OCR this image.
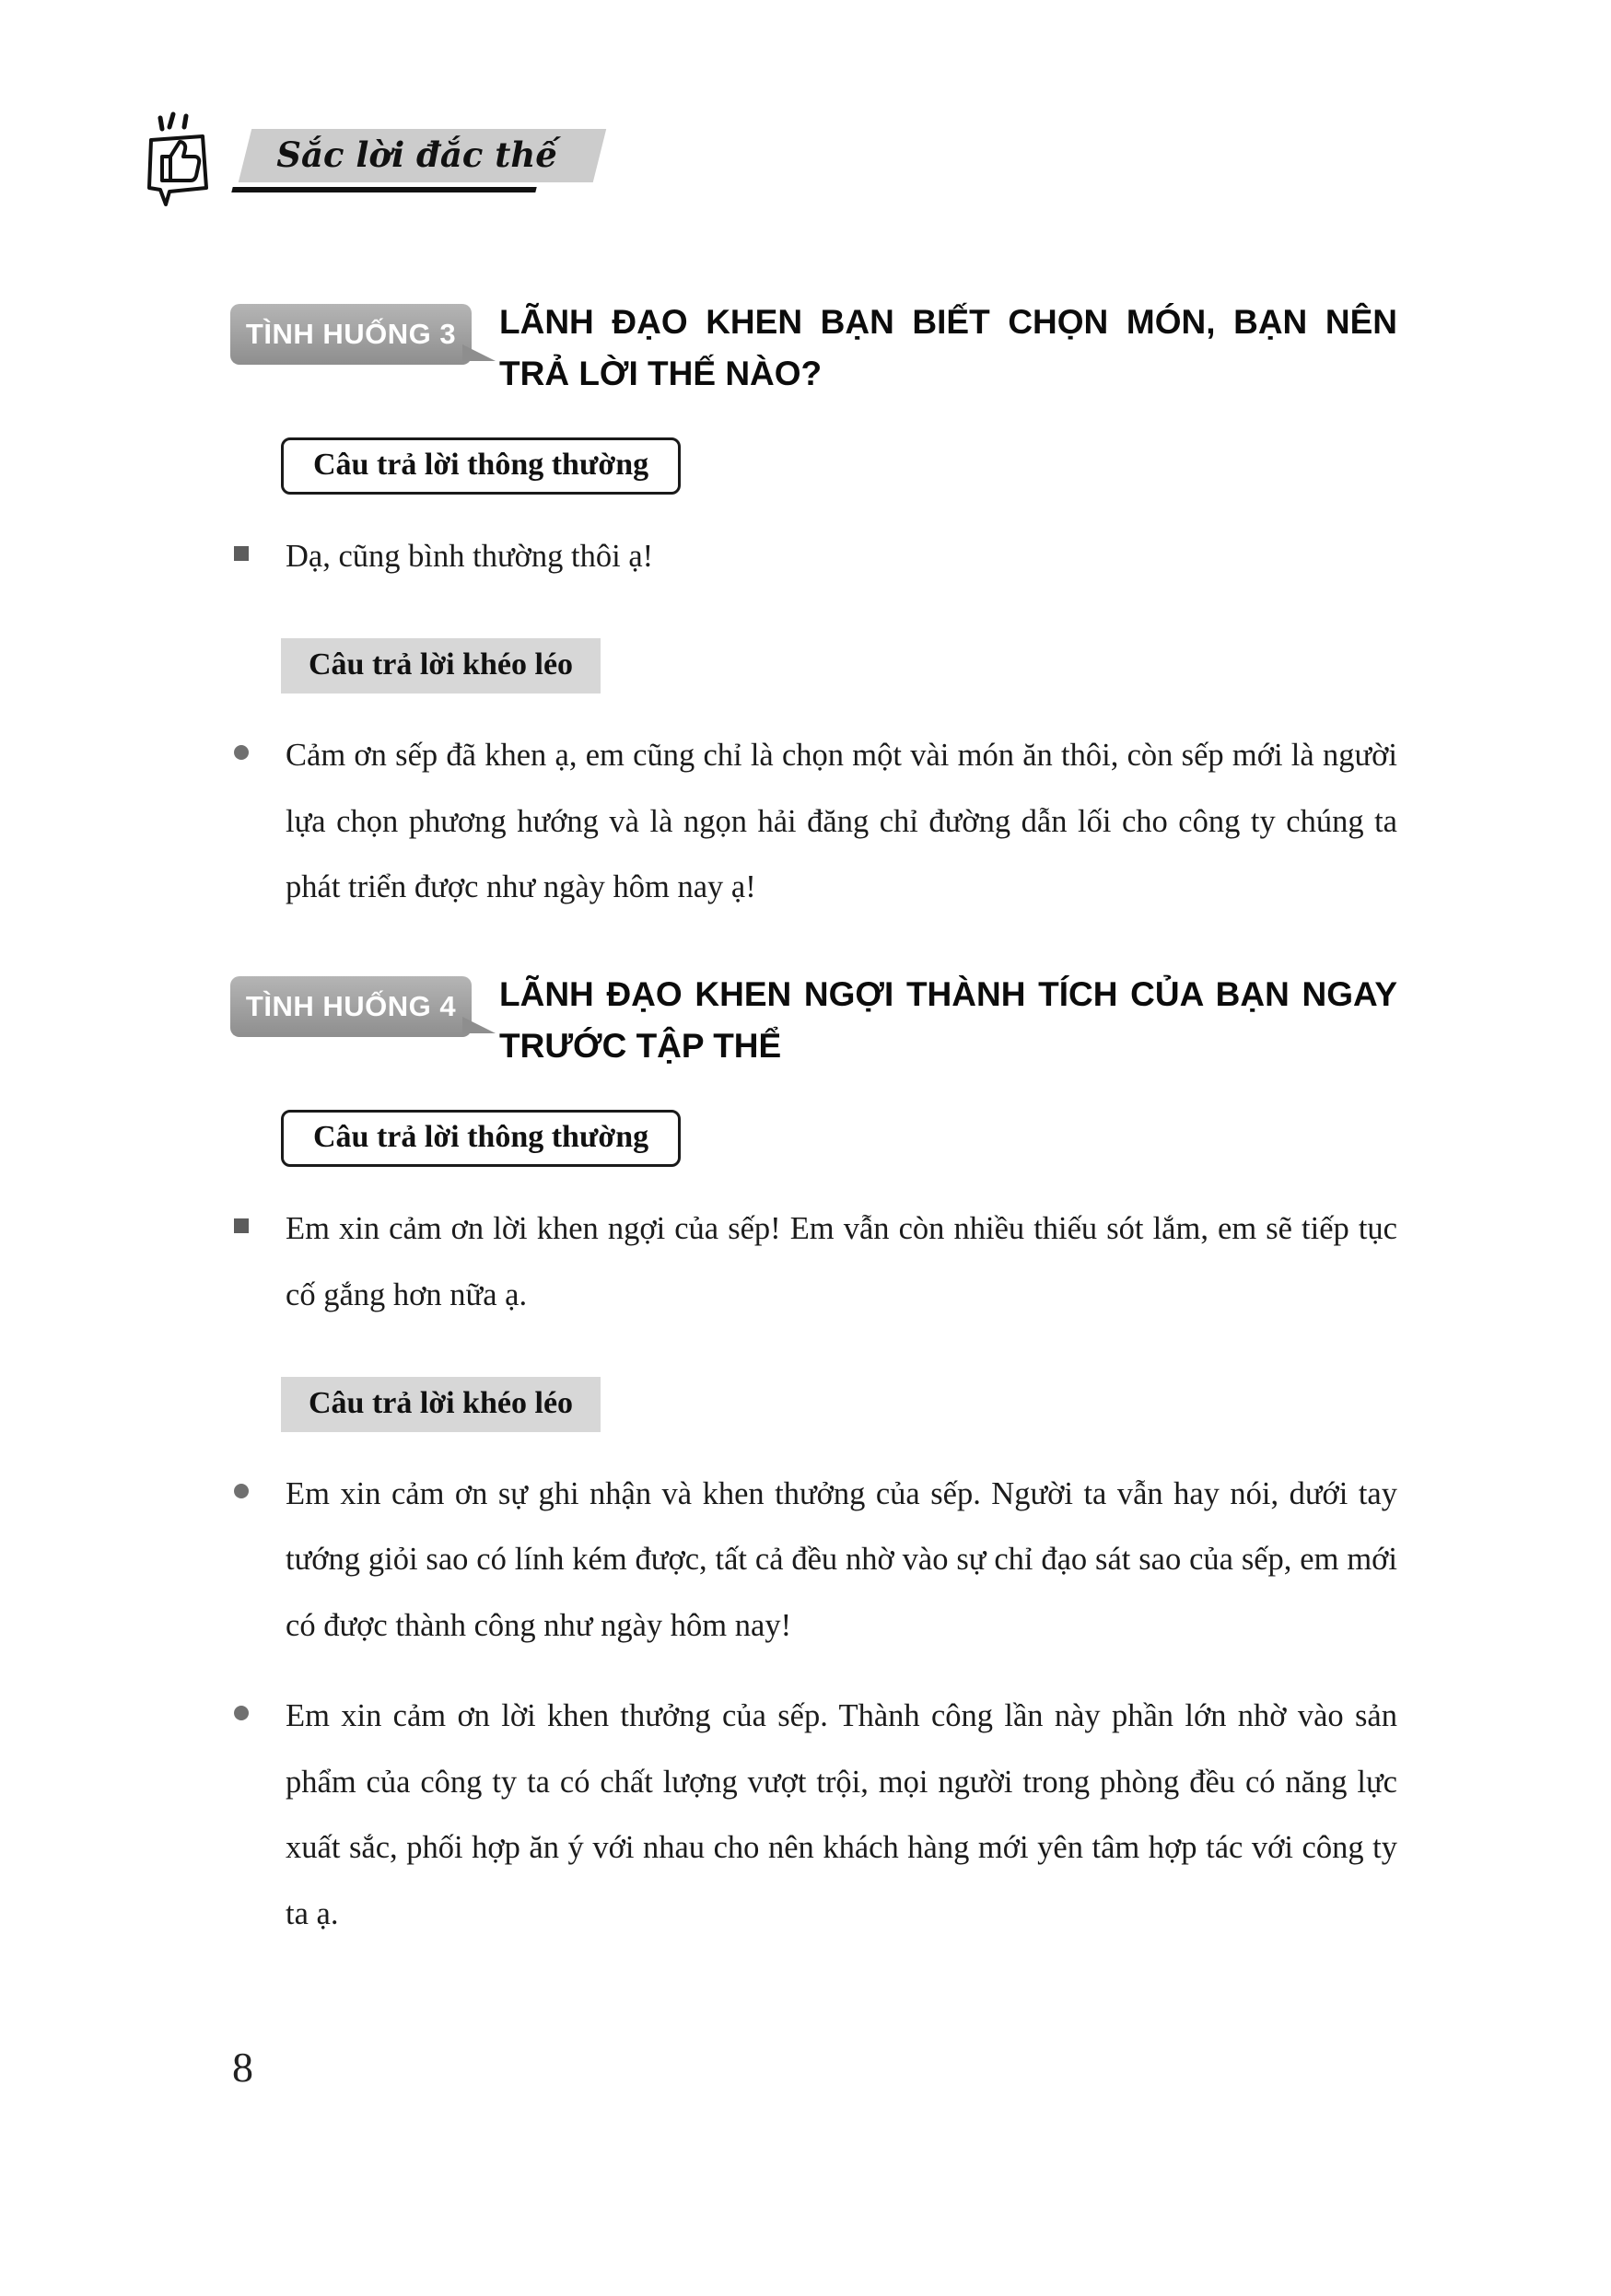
Sắc lời đắc thế
TÌNH HUỐNG 3	LÃNH ĐẠO KHEN BẠN BIẾT CHỌN MÓN, BẠN NÊN TRẢ LỜI THẾ NÀO?
Câu trả lời thông thường
Dạ, cũng bình thường thôi ạ!
Câu trả lời khéo léo
Cảm ơn sếp đã khen ạ, em cũng chỉ là chọn một vài món ăn thôi, còn sếp mới là người lựa chọn phương hướng và là ngọn hải đăng chỉ đường dẫn lối cho công ty chúng ta phát triển được như ngày hôm nay ạ!
TÌNH HUỐNG 4	LÃNH ĐẠO KHEN NGỢI THÀNH TÍCH CỦA BẠN NGAY TRƯỚC TẬP THỂ
Câu trả lời thông thường
Em xin cảm ơn lời khen ngợi của sếp! Em vẫn còn nhiều thiếu sót lắm, em sẽ tiếp tục cố gắng hơn nữa ạ.
Câu trả lời khéo léo
Em xin cảm ơn sự ghi nhận và khen thưởng của sếp. Người ta vẫn hay nói, dưới tay tướng giỏi sao có lính kém được, tất cả đều nhờ vào sự chỉ đạo sát sao của sếp, em mới có được thành công như ngày hôm nay!
Em xin cảm ơn lời khen thưởng của sếp. Thành công lần này phần lớn nhờ vào sản phẩm của công ty ta có chất lượng vượt trội, mọi người trong phòng đều có năng lực xuất sắc, phối hợp ăn ý với nhau cho nên khách hàng mới yên tâm hợp tác với công ty ta ạ.
8
